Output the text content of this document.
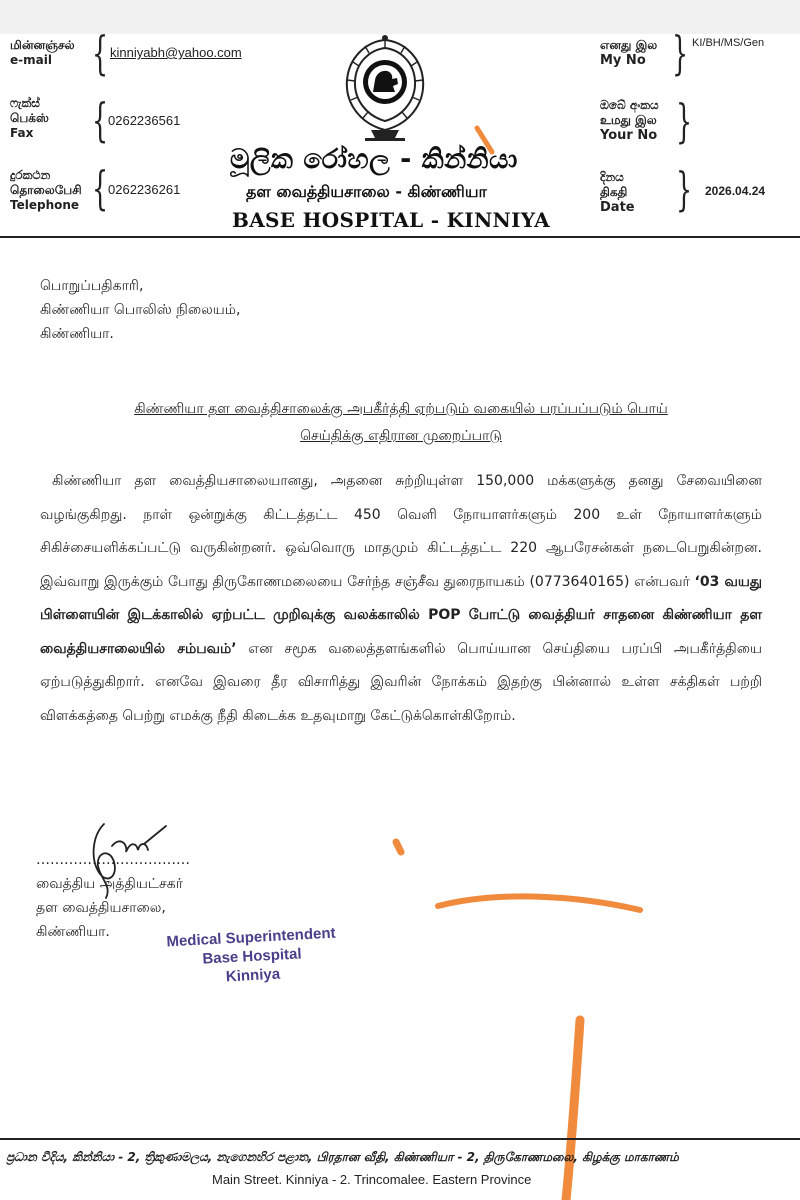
மின்னஞ்சல்
e-mail { kinniyabh@yahoo.com
ෆැක්ස්
பெக்ஸ்
Fax	{ 0262236561
දුරකථන
தொலைபேசி
Telephone { 0262236261
මූලික රෝහල - කින්නියා
தள வைத்தியசாலை - கிண்ணியா
BASE HOSPITAL - KINNIYA
எனது இல
My No } KI/BH/MS/Gen
ඔබේ අංකය
உமது இல
Your No }
දිනය
திகதி
Date } 2026.04.24
பொறுப்பதிகாரி,
கிண்ணியா பொலிஸ் நிலையம்,
கிண்ணியா.
கிண்ணியா தள வைத்திசாலைக்கு அபகீர்த்தி ஏற்படும் வகையில் பரப்பப்படும் பொய்
செய்திக்கு எதிரான முறைப்பாடு
கிண்ணியா தள வைத்தியசாலையானது, அதனை சுற்றியுள்ள 150,000 மக்களுக்கு தனது சேவையினை வழங்குகிறது. நாள் ஒன்றுக்கு கிட்டத்தட்ட 450 வெளி நோயாளர்களும் 200 உள் நோயாளர்களும் சிகிச்சையளிக்கப்பட்டு வருகின்றனர். ஒவ்வொரு மாதமும் கிட்டத்தட்ட 220 ஆபரேசன்கள் நடைபெறுகின்றன. இவ்வாறு இருக்கும் போது திருகோணமலையை சேர்ந்த சஞ்சீவ துரைநாயகம் (0773640165) என்பவர் ‘03 வயது பிள்ளையின் இடக்காலில் ஏற்பட்ட முறிவுக்கு வலக்காலில் POP போட்டு வைத்தியர் சாதனை கிண்ணியா தள வைத்தியசாலையில் சம்பவம்’ என சமூக வலைத்தளங்களில் பொய்யான செய்தியை பரப்பி அபகீர்த்தியை ஏற்படுத்துகிறார். எனவே இவரை தீர விசாரித்து இவரின் நோக்கம் இதற்கு பின்னால் உள்ள சக்திகள் பற்றி விளக்கத்தை பெற்று எமக்கு நீதி கிடைக்க உதவுமாறு கேட்டுக்கொள்கிறோம்.
……………………………
வைத்திய அத்தியட்சகர்
தள வைத்தியசாலை,
கிண்ணியா.	Medical Superintendent
Base Hospital
Kinniya
ප්‍රධාන වීදිය, කින්නියා - 2, ත්‍රිකුණාමලය, නැගෙනහිර පළාත, பிரதான வீதி, கிண்ணியா - 2, திருகோணமலை, கிழக்கு மாகாணம்
Main Street. Kinniya - 2. Trincomalee. Eastern Province
